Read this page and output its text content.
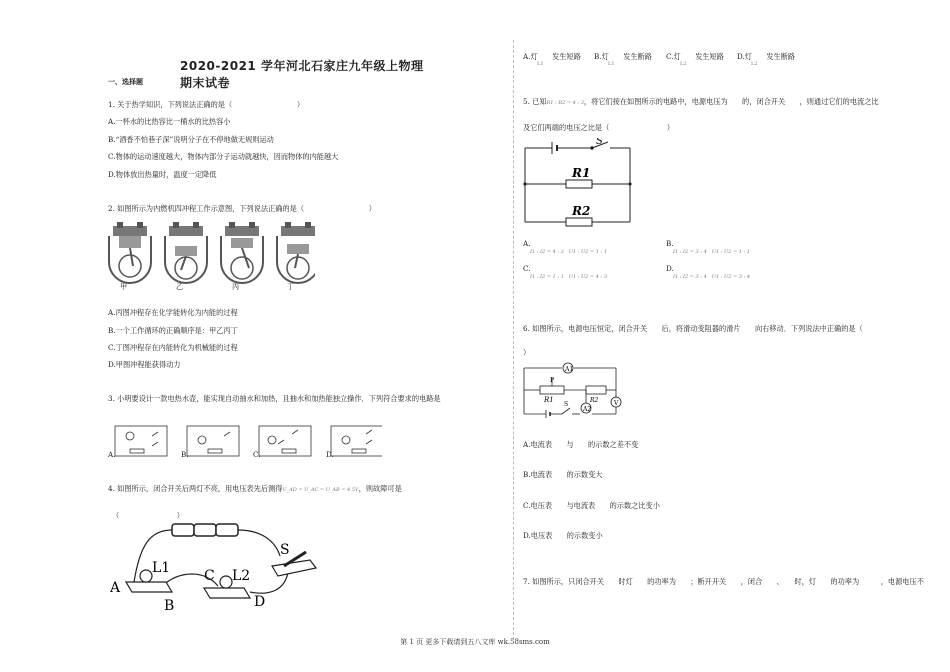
2020-2021 学年河北石家庄九年级上物理期末试卷
一、选择题
1. 关于热学知识，下列说法正确的是（　　　　　　　　　）
A.一杯水的比热容比一桶水的比热容小
B.“酒香不怕巷子深”说明分子在不停地做无规则运动
C.物体的运动速度越大，物体内部分子运动就越快，因而物体的内能越大
D.物体放出热量时，温度一定降低
2. 如图所示为内燃机四冲程工作示意图，下列说法正确的是（　　　　　　　　　）
甲	乙	丙	丁
A.丙图冲程存在化学能转化为内能的过程
B.一个工作循环的正确顺序是：甲乙丙丁
C.丁图冲程存在内能转化为机械能的过程
D.甲图冲程能获得动力
3. 小明要设计一款电热水壶，能实现自动抽水和加热，且抽水和加热能独立操作．下列符合要求的电路是
A.	B.	C.	D.
4. 如图所示，闭合开关后两灯不亮，用电压表先后测得U_AD = U_AC = U_AB = 4.5V，则故障可是
（　　　　　　　　）
A
L1
B
C L2
D
S
A.灯　　发生短路 B.灯　　发生断路 C.灯　　发生短路 D.灯　　发生断路
L1	L1	L2	L2
5. 已知R1 : R2 = 4 : 3，将它们接在如图所示的电路中，电源电压为　　的，闭合开关　　，则通过它们的电流之比
及它们两端的电压之比是（　　　　　　　　）
S
R1
R2
A.
I1 : I2 = 4 : 3　U1 : U2 = 1 : 1
B.
I1 : I2 = 3 : 4　U1 : U2 = 1 : 1
C.
I1 : I2 = 1 : 1　U1 : U2 = 4 : 3
D.
I1 : I2 = 3 : 4　U1 : U2 = 3 : 4
6. 如图所示，电源电压恒定，闭合开关　　后，将滑动变阻器的滑片　　向右移动．下列说法中正确的是（
）
A1
P
R1	R2	V
S
A2
A.电流表　　与　　的示数之差不变
B.电流表　　的示数变大
C.电压表　　与电流表　　的示数之比变小
D.电压表　　的示数变小
7. 如图所示，只闭合开关　　时灯　　的功率为　　；断开开关　　，闭合　　、　　时，灯　　的功率为　　　，电源电压不
第 1 页 更多下载请到五八文库 wk.58sms.com
